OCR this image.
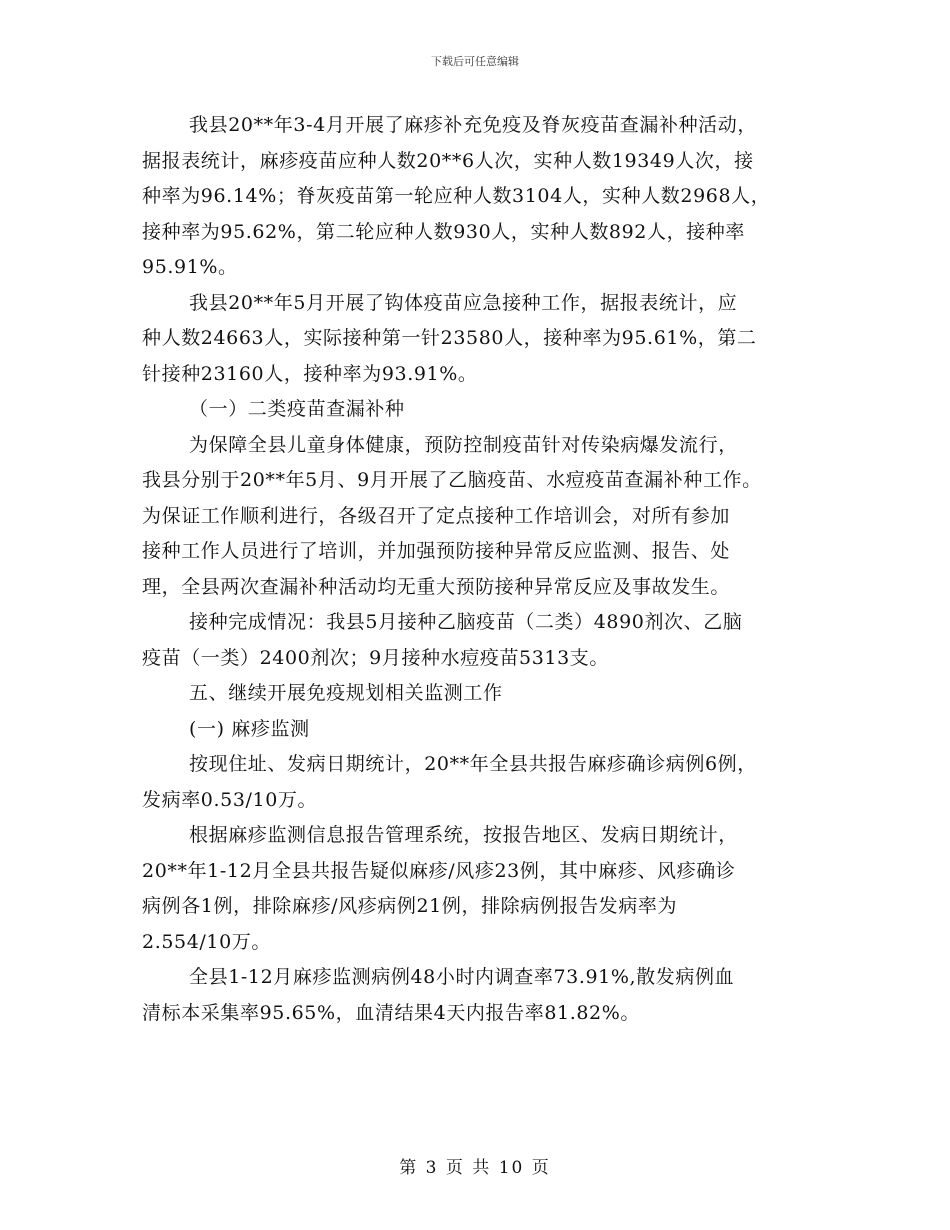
下载后可任意编辑
我县20**年3-4月开展了麻疹补充免疫及脊灰疫苗查漏补种活动，
据报表统计，麻疹疫苗应种人数20**6人次，实种人数19349人次，接
种率为96.14%；脊灰疫苗第一轮应种人数3104人，实种人数2968人，
接种率为95.62%，第二轮应种人数930人，实种人数892人，接种率
95.91%。
我县20**年5月开展了钩体疫苗应急接种工作，据报表统计，应
种人数24663人，实际接种第一针23580人，接种率为95.61%，第二
针接种23160人，接种率为93.91%。
（一）二类疫苗查漏补种
为保障全县儿童身体健康，预防控制疫苗针对传染病爆发流行，
我县分别于20**年5月、9月开展了乙脑疫苗、水痘疫苗查漏补种工作。
为保证工作顺利进行，各级召开了定点接种工作培训会，对所有参加
接种工作人员进行了培训，并加强预防接种异常反应监测、报告、处
理，全县两次查漏补种活动均无重大预防接种异常反应及事故发生。
接种完成情况：我县5月接种乙脑疫苗（二类）4890剂次、乙脑
疫苗（一类）2400剂次；9月接种水痘疫苗5313支。
五、继续开展免疫规划相关监测工作
(一) 麻疹监测
按现住址、发病日期统计，20**年全县共报告麻疹确诊病例6例，
发病率0.53/10万。
根据麻疹监测信息报告管理系统，按报告地区、发病日期统计，
20**年1-12月全县共报告疑似麻疹/风疹23例，其中麻疹、风疹确诊
病例各1例，排除麻疹/风疹病例21例，排除病例报告发病率为
2.554/10万。
全县1-12月麻疹监测病例48小时内调查率73.91%,散发病例血
清标本采集率95.65%，血清结果4天内报告率81.82%。
第 3 页 共 10 页
